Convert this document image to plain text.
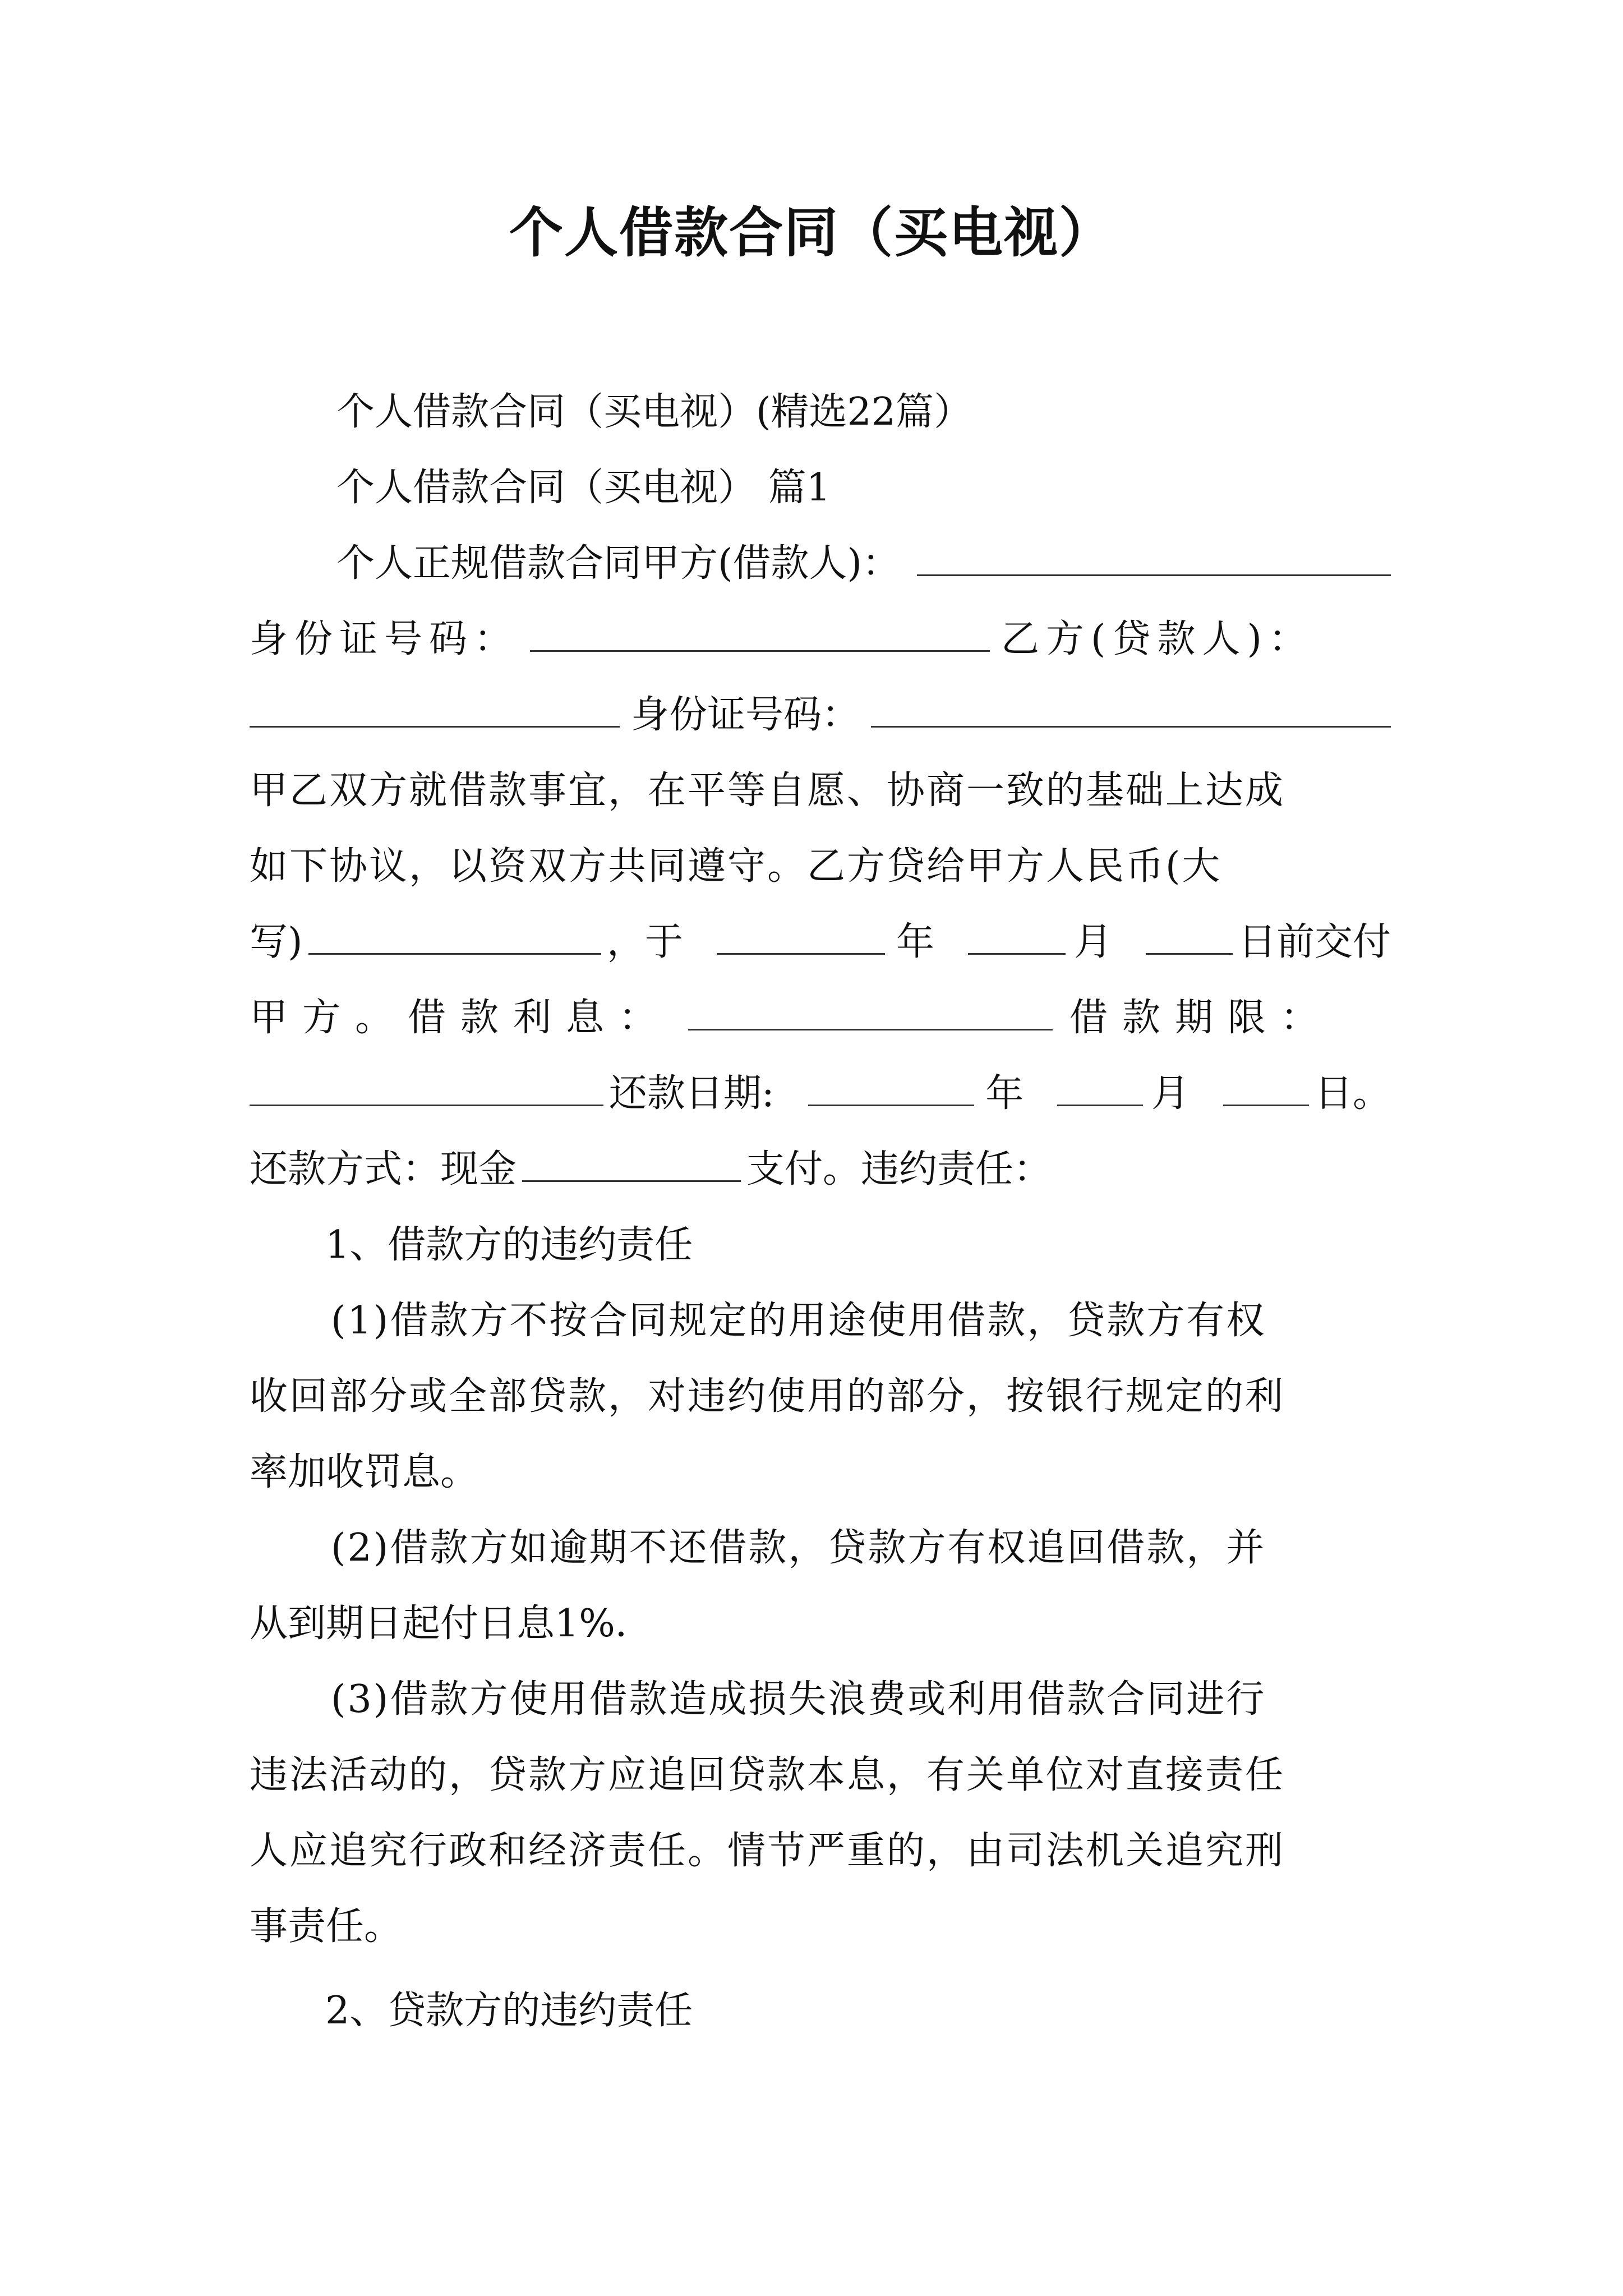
个人借款合同（买电视）
个人借款合同（买电视）(精选22篇）
个人借款合同（买电视） 篇1
个人正规借款合同甲方(借款人)：
身份证号码：	乙方(贷款人)：
身份证号码：
甲乙双方就借款事宜，在平等自愿、协商一致的基础上达成
如下协议，以资双方共同遵守。乙方贷给甲方人民币(大
写)	，于	年	月	日前交付
甲方。 借款利息：	借款期限：
还款日期:	年	月	日。
还款方式：现金	支付。违约责任：
1、借款方的违约责任
(1)借款方不按合同规定的用途使用借款，贷款方有权
收回部分或全部贷款，对违约使用的部分，按银行规定的利
率加收罚息。
(2)借款方如逾期不还借款，贷款方有权追回借款，并
从到期日起付日息1%．
(3)借款方使用借款造成损失浪费或利用借款合同进行
违法活动的，贷款方应追回贷款本息，有关单位对直接责任
人应追究行政和经济责任。情节严重的，由司法机关追究刑
事责任。
2、贷款方的违约责任
